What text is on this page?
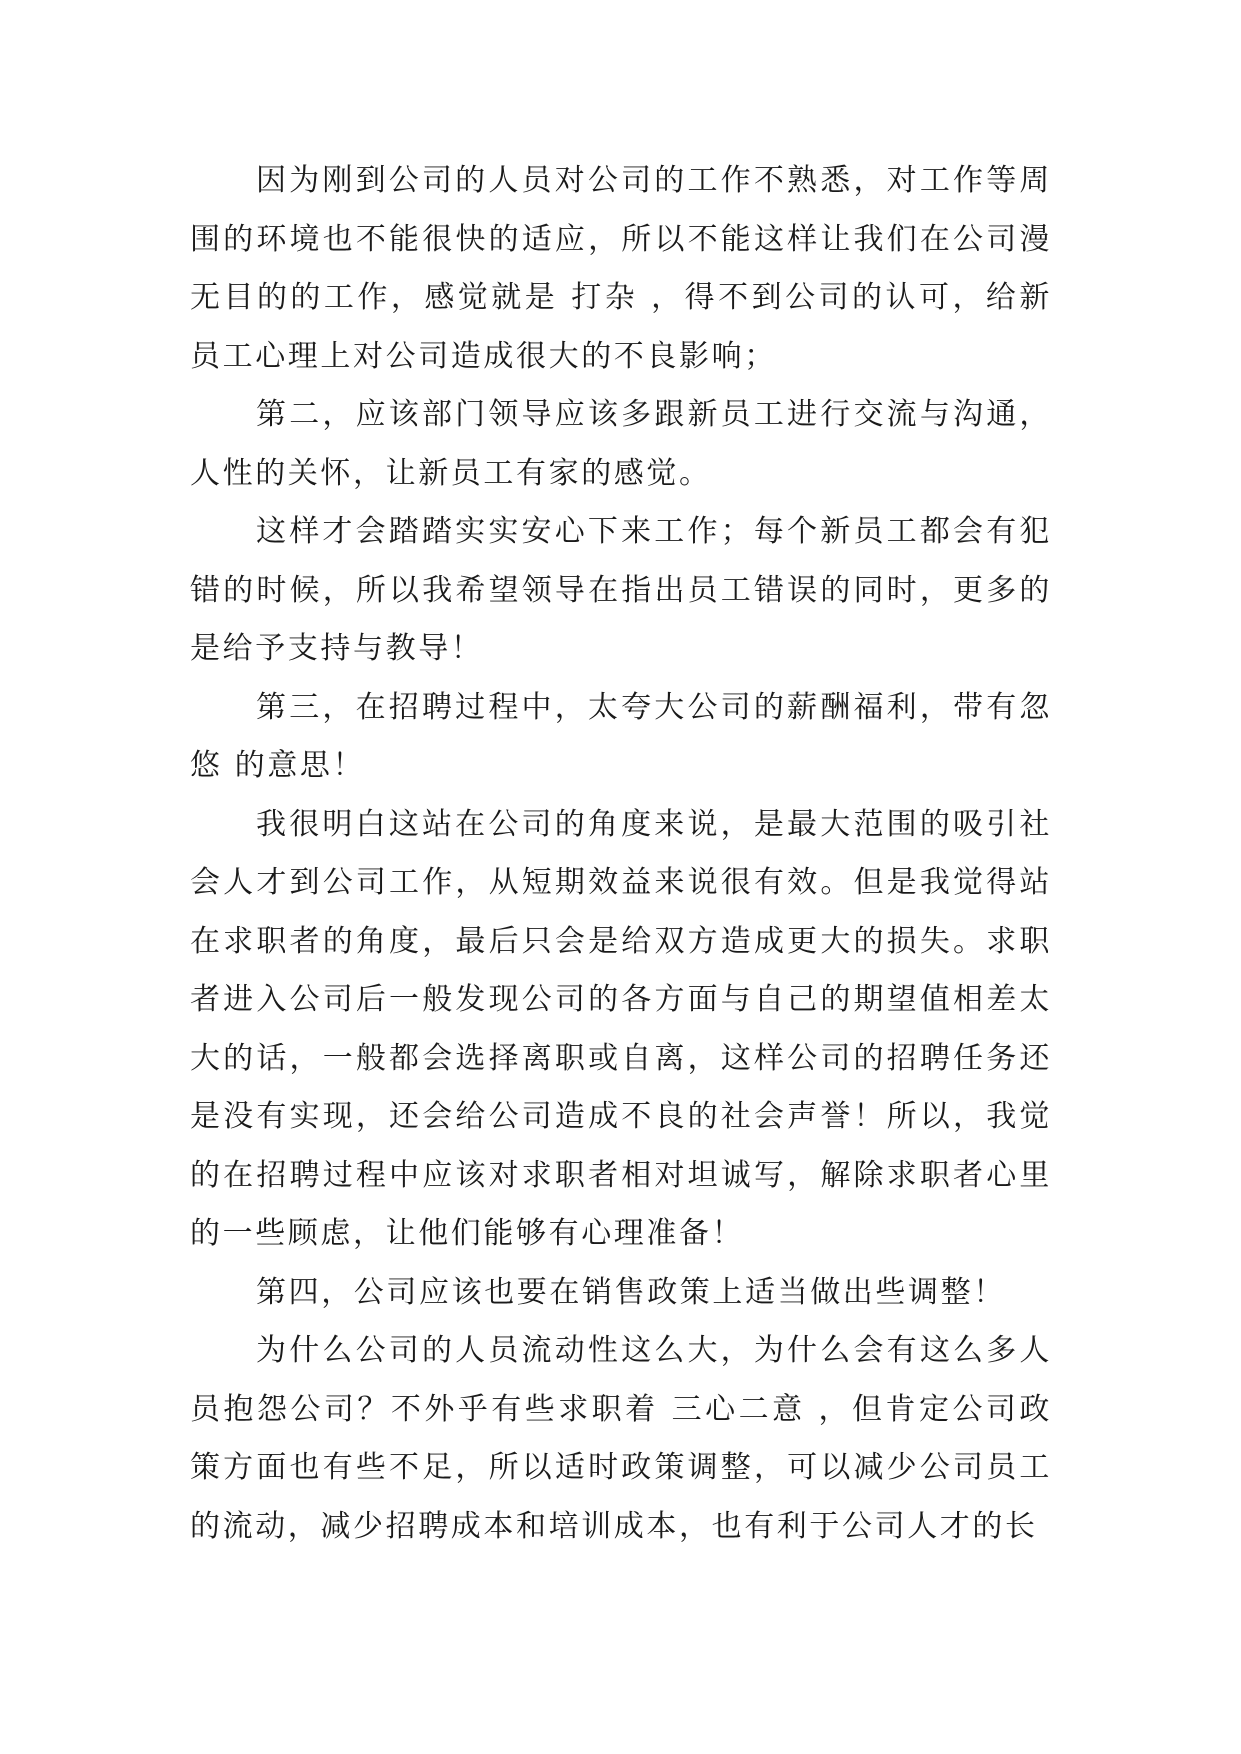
因为刚到公司的人员对公司的工作不熟悉，对工作等周围的环境也不能很快的适应，所以不能这样让我们在公司漫无目的的工作，感觉就是 打杂 ，得不到公司的认可，给新员工心理上对公司造成很大的不良影响；

第二，应该部门领导应该多跟新员工进行交流与沟通，人性的关怀，让新员工有家的感觉。

这样才会踏踏实实安心下来工作；每个新员工都会有犯错的时候，所以我希望领导在指出员工错误的同时，更多的是给予支持与教导！

第三，在招聘过程中，太夸大公司的薪酬福利，带有忽悠 的意思！

我很明白这站在公司的角度来说，是最大范围的吸引社会人才到公司工作，从短期效益来说很有效。但是我觉得站在求职者的角度，最后只会是给双方造成更大的损失。求职者进入公司后一般发现公司的各方面与自己的期望值相差太大的话，一般都会选择离职或自离，这样公司的招聘任务还是没有实现，还会给公司造成不良的社会声誉！所以，我觉的在招聘过程中应该对求职者相对坦诚写，解除求职者心里的一些顾虑，让他们能够有心理准备！

第四，公司应该也要在销售政策上适当做出些调整！

为什么公司的人员流动性这么大，为什么会有这么多人员抱怨公司？不外乎有些求职着 三心二意 ，但肯定公司政策方面也有些不足，所以适时政策调整，可以减少公司员工的流动，减少招聘成本和培训成本，也有利于公司人才的长
